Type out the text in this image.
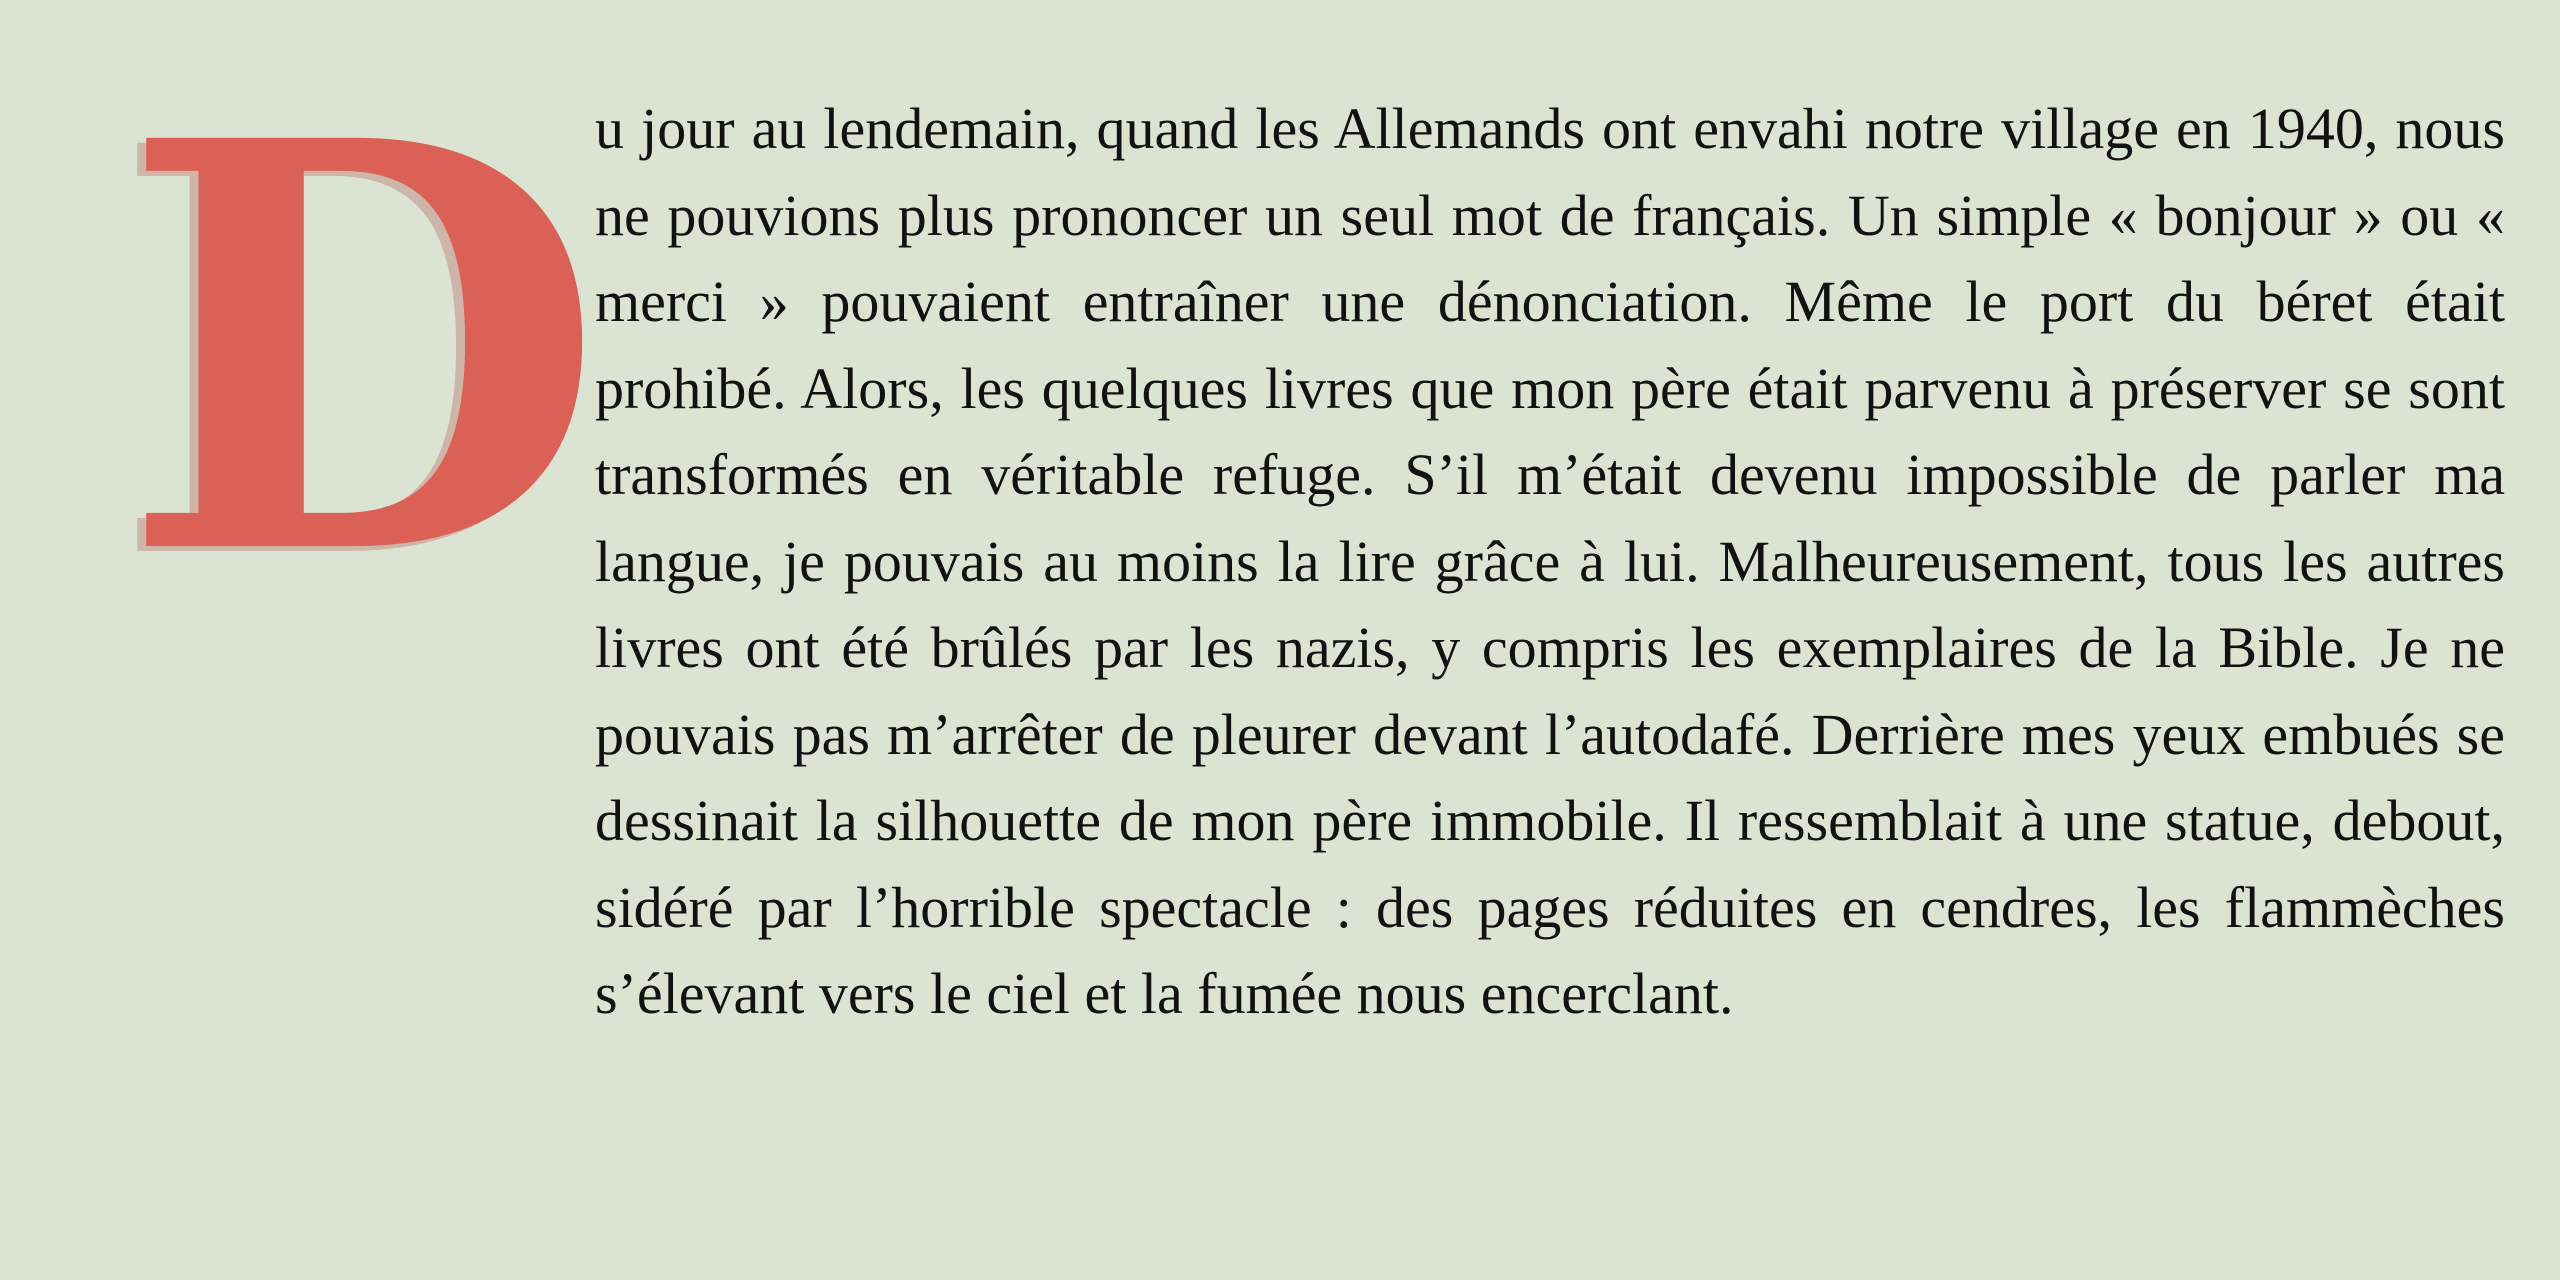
D

u jour au lendemain, quand les Allemands ont envahi notre village en 1940, nous ne pouvions plus prononcer un seul mot de français. Un simple « bonjour » ou « merci » pouvaient entraîner une dénonciation. Même le port du béret était prohibé. Alors, les quelques livres que mon père était parvenu à préserver se sont transformés en véritable refuge. S’il m’était devenu impossible de parler ma langue, je pouvais au moins la lire grâce à lui. Malheureusement, tous les autres livres ont été brûlés par les nazis, y compris les exemplaires de la Bible. Je ne pouvais pas m’arrêter de pleurer devant l’autodafé. Derrière mes yeux embués se dessinait la silhouette de mon père immobile. Il ressemblait à une statue, debout, sidéré par l’horrible spectacle : des pages réduites en cendres, les flammèches s’élevant vers le ciel et la fumée nous encerclant.
